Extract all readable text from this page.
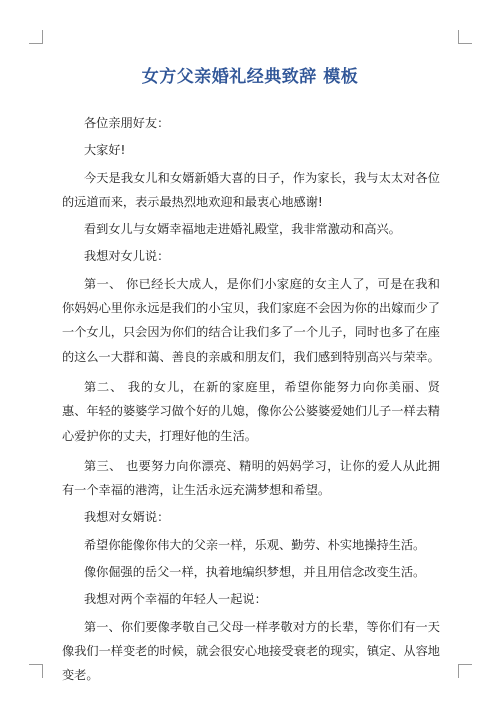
女方父亲婚礼经典致辞 模板

各位亲朋好友：

大家好!

今天是我女儿和女婿新婚大喜的日子，作为家长，我与太太对各位的远道而来，表示最热烈地欢迎和最衷心地感谢!

看到女儿与女婿幸福地走进婚礼殿堂，我非常激动和高兴。

我想对女儿说：

第一、 你已经长大成人，是你们小家庭的女主人了，可是在我和你妈妈心里你永远是我们的小宝贝，我们家庭不会因为你的出嫁而少了一个女儿，只会因为你们的结合让我们多了一个儿子，同时也多了在座的这么一大群和蔼、善良的亲戚和朋友们，我们感到特别高兴与荣幸。

第二、 我的女儿，在新的家庭里，希望你能努力向你美丽、贤惠、年轻的婆婆学习做个好的儿媳，像你公公婆婆爱她们儿子一样去精心爱护你的丈夫，打理好他的生活。

第三、 也要努力向你漂亮、精明的妈妈学习，让你的爱人从此拥有一个幸福的港湾，让生活永远充满梦想和希望。

我想对女婿说：

希望你能像你伟大的父亲一样，乐观、勤劳、朴实地操持生活。

像你倔强的岳父一样，执着地编织梦想，并且用信念改变生活。

我想对两个幸福的年轻人一起说：

第一、你们要像孝敬自己父母一样孝敬对方的长辈，等你们有一天像我们一样变老的时候，就会很安心地接受衰老的现实，镇定、从容地变老。
